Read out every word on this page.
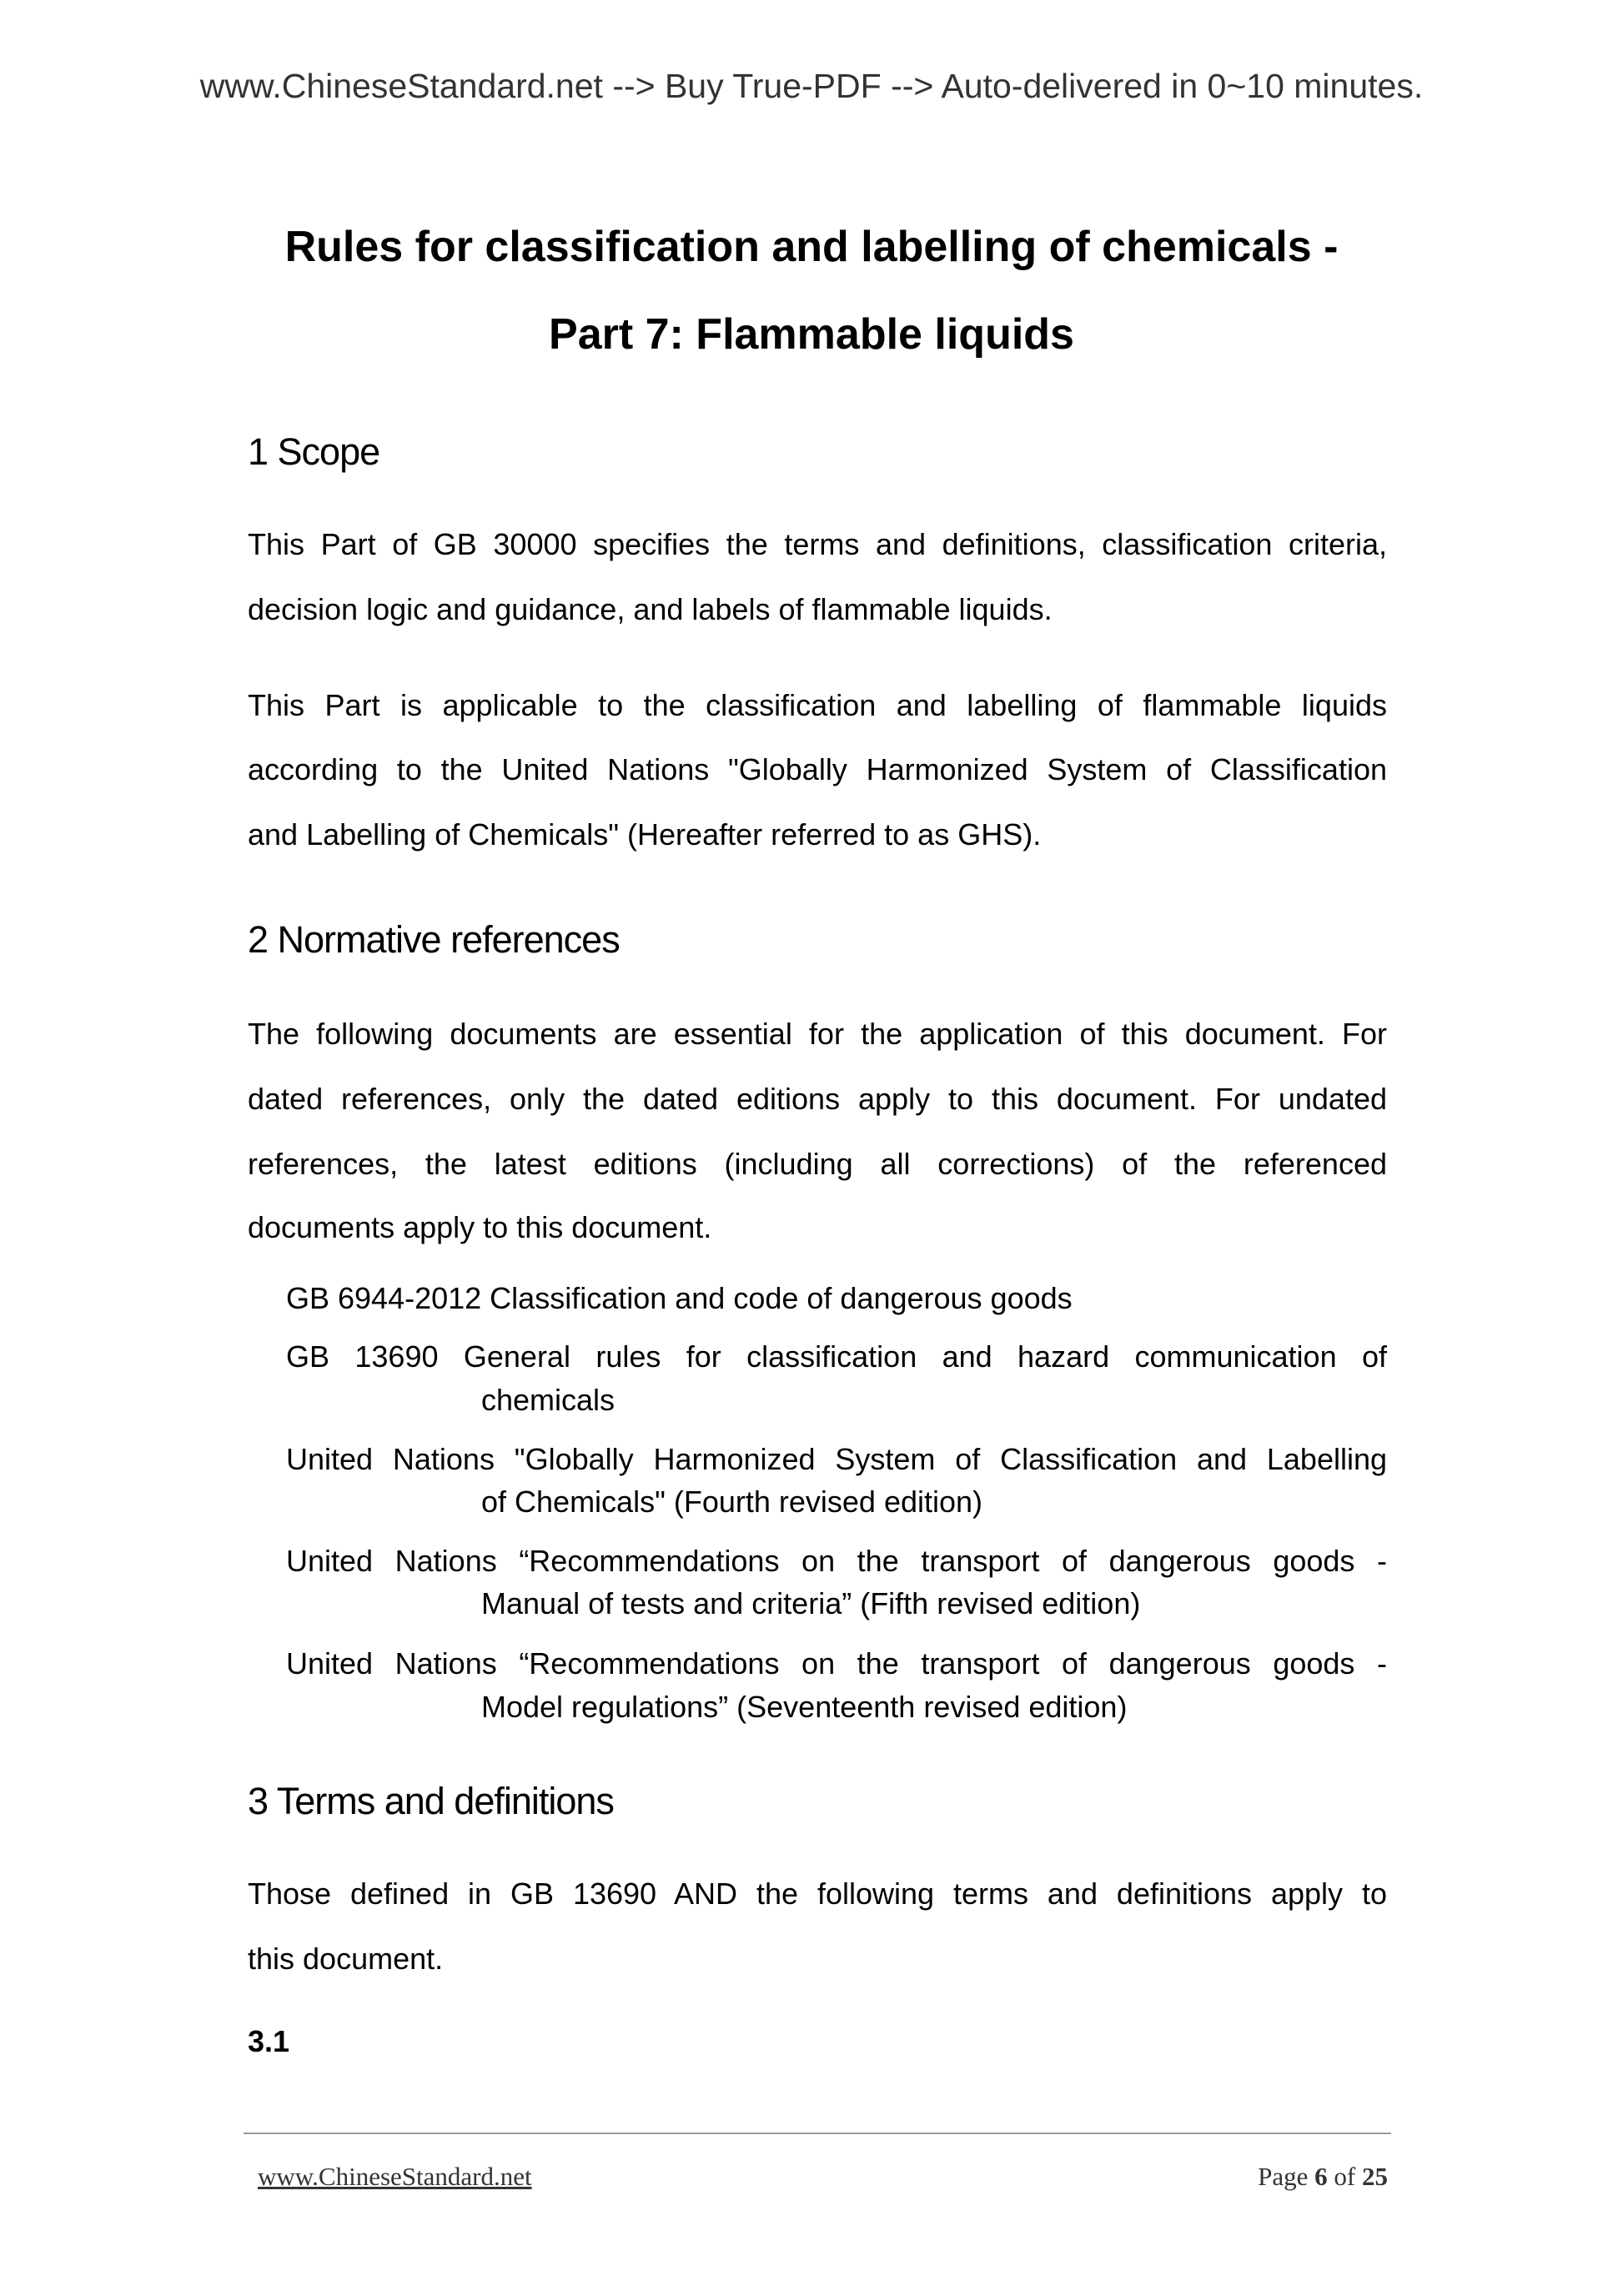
www.ChineseStandard.net --> Buy True-PDF --> Auto-delivered in 0~10 minutes.
Rules for classification and labelling of chemicals -
Part 7: Flammable liquids
1 Scope
This Part of GB 30000 specifies the terms and definitions, classification criteria,
decision logic and guidance, and labels of flammable liquids.
This Part is applicable to the classification and labelling of flammable liquids
according to the United Nations "Globally Harmonized System of Classification
and Labelling of Chemicals" (Hereafter referred to as GHS).
2 Normative references
The following documents are essential for the application of this document. For
dated references, only the dated editions apply to this document. For undated
references, the latest editions (including all corrections) of the referenced
documents apply to this document.
GB 6944-2012 Classification and code of dangerous goods
GB 13690 General rules for classification and hazard communication of
chemicals
United Nations "Globally Harmonized System of Classification and Labelling
of Chemicals" (Fourth revised edition)
United Nations “Recommendations on the transport of dangerous goods -
Manual of tests and criteria” (Fifth revised edition)
United Nations “Recommendations on the transport of dangerous goods -
Model regulations” (Seventeenth revised edition)
3 Terms and definitions
Those defined in GB 13690 AND the following terms and definitions apply to
this document.
3.1
www.ChineseStandard.net	Page 6 of 25
